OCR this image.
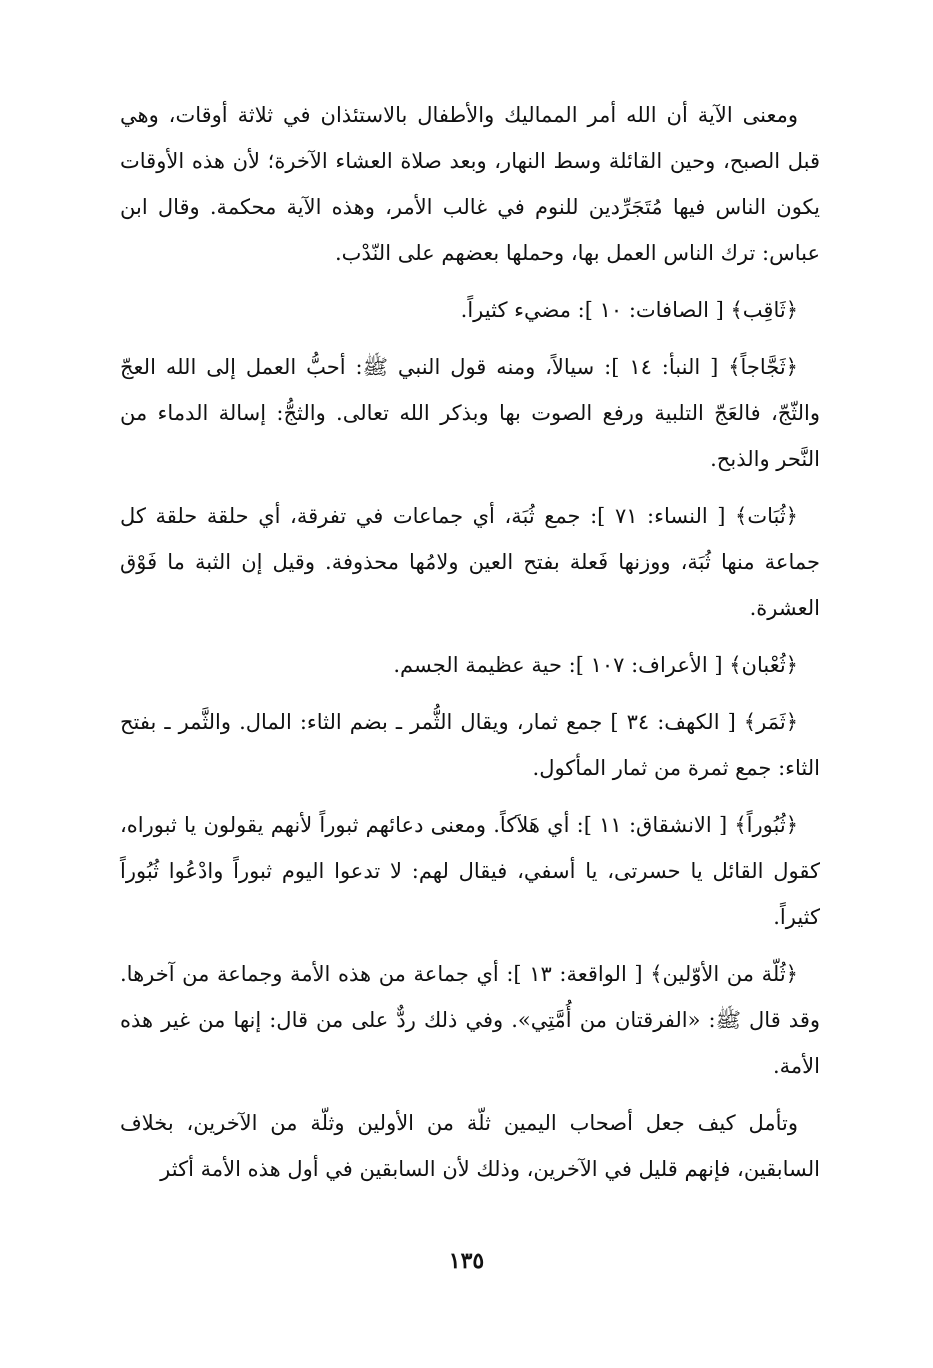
ومعنى الآية أن الله أمر المماليك والأطفال بالاستئذان في ثلاثة أوقات، وهي قبل الصبح، وحين القائلة وسط النهار، وبعد صلاة العشاء الآخرة؛ لأن هذه الأوقات يكون الناس فيها مُتَجَرِّدين للنوم في غالب الأمر، وهذه الآية محكمة. وقال ابن عباس: ترك الناس العمل بها، وحملها بعضهم على النّدْب.

﴿ثَاقِب﴾ [ الصافات: ١٠ ]: مضيء كثيراً.

﴿ثَجَّاجاً﴾ [ النبأ: ١٤ ]: سيالاً، ومنه قول النبي ﷺ: أحبُّ العمل إلى الله العجّ والثّجّ، فالعَجّ التلبية ورفع الصوت بها وبذكر الله تعالى. والثجُّ: إسالة الدماء من النَّحر والذبح.

﴿ثُبَات﴾ [ النساء: ٧١ ]: جمع ثُبَة، أي جماعات في تفرقة، أي حلقة حلقة كل جماعة منها ثُبَة، ووزنها فَعلة بفتح العين ولامُها محذوفة. وقيل إن الثبة ما فَوْق العشرة.

﴿ثُعْبان﴾ [ الأعراف: ١٠٧ ]: حية عظيمة الجسم.

﴿ثَمَر﴾ [ الكهف: ٣٤ ] جمع ثمار، ويقال الثُّمر ـ بضم الثاء: المال. والثَّمر ـ بفتح الثاء: جمع ثمرة من ثمار المأكول.

﴿ثُبُوراً﴾ [ الانشقاق: ١١ ]: أي هَلاَكاً. ومعنى دعائهم ثبوراً لأنهم يقولون يا ثبوراه، كقول القائل يا حسرتى، يا أسفي، فيقال لهم: لا تدعوا اليوم ثبوراً وادْعُوا ثُبُوراً كثيراً.

﴿ثُلّة من الأوّلين﴾ [ الواقعة: ١٣ ]: أي جماعة من هذه الأمة وجماعة من آخرها. وقد قال ﷺ: «الفرقتان من أُمَّتِي». وفي ذلك ردٌّ على من قال: إنها من غير هذه الأمة.

وتأمل كيف جعل أصحاب اليمين ثلّة من الأولين وثلّة من الآخرين، بخلاف السابقين، فإنهم قليل في الآخرين، وذلك لأن السابقين في أول هذه الأمة أكثر

١٣٥
